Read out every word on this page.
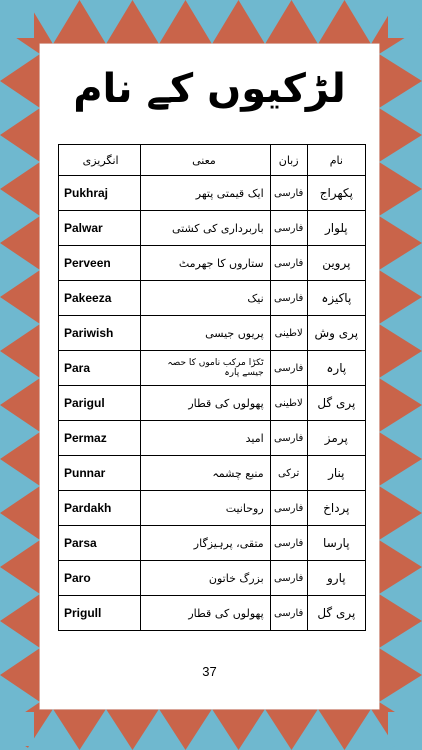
لڑکیوں کے نام
نام	زبان	معنی	انگریزی
پکھراج	فارسی	ایک قیمتی پتھر	Pukhraj
پلوار	فارسی	باربرداری کی کشتی	Palwar
پروین	فارسی	ستاروں کا جھرمٹ	Perveen
پاکیزہ	فارسی	نیک	Pakeeza
پری وش	لاطینی	پریوں جیسی	Pariwish
پارہ	فارسی	ٹکڑا مرکب ناموں کا حصہ جیسے پارہ	Para
پری گل	لاطینی	پھولوں کی قطار	Parigul
پرمز	فارسی	امید	Permaz
پنار	ترکی	منبع چشمہ	Punnar
پرداخ	فارسی	روحانیت	Pardakh
پارسا	فارسی	متقی، پرہیزگار	Parsa
پارو	فارسی	بزرگ خاتون	Paro
پری گل	فارسی	پھولوں کی قطار	Prigull
37
